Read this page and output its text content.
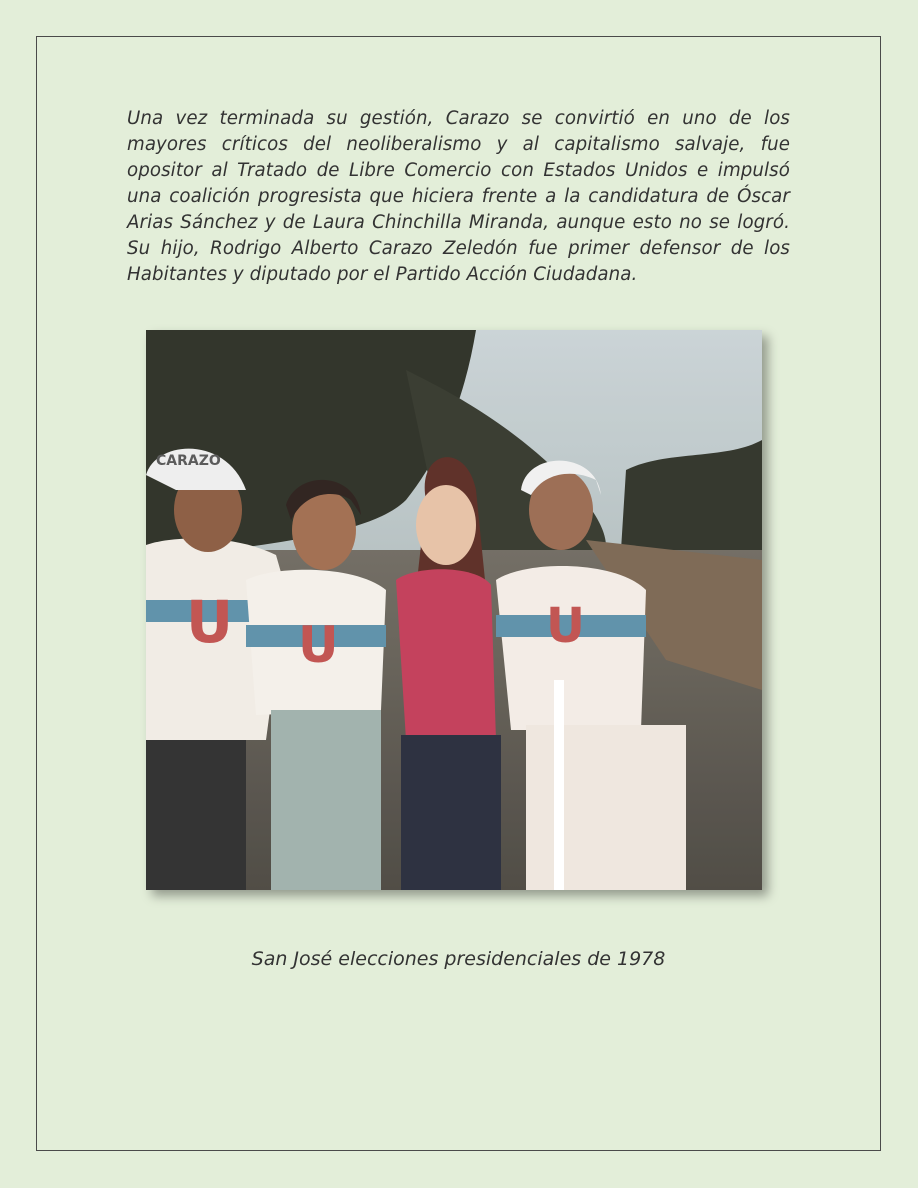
Una vez terminada su gestión, Carazo se convirtió en uno de los mayores críticos del neoliberalismo y al capitalismo salvaje, fue opositor al Tratado de Libre Comercio con Estados Unidos e impulsó una coalición progresista que hiciera frente a la candidatura de Óscar Arias Sánchez y de Laura Chinchilla Miranda, aunque esto no se logró. Su hijo, Rodrigo Alberto Carazo Zeledón fue primer defensor de los Habitantes y diputado por el Partido Acción Ciudadana.

U
CARAZO
U	U

San José elecciones presidenciales de 1978
